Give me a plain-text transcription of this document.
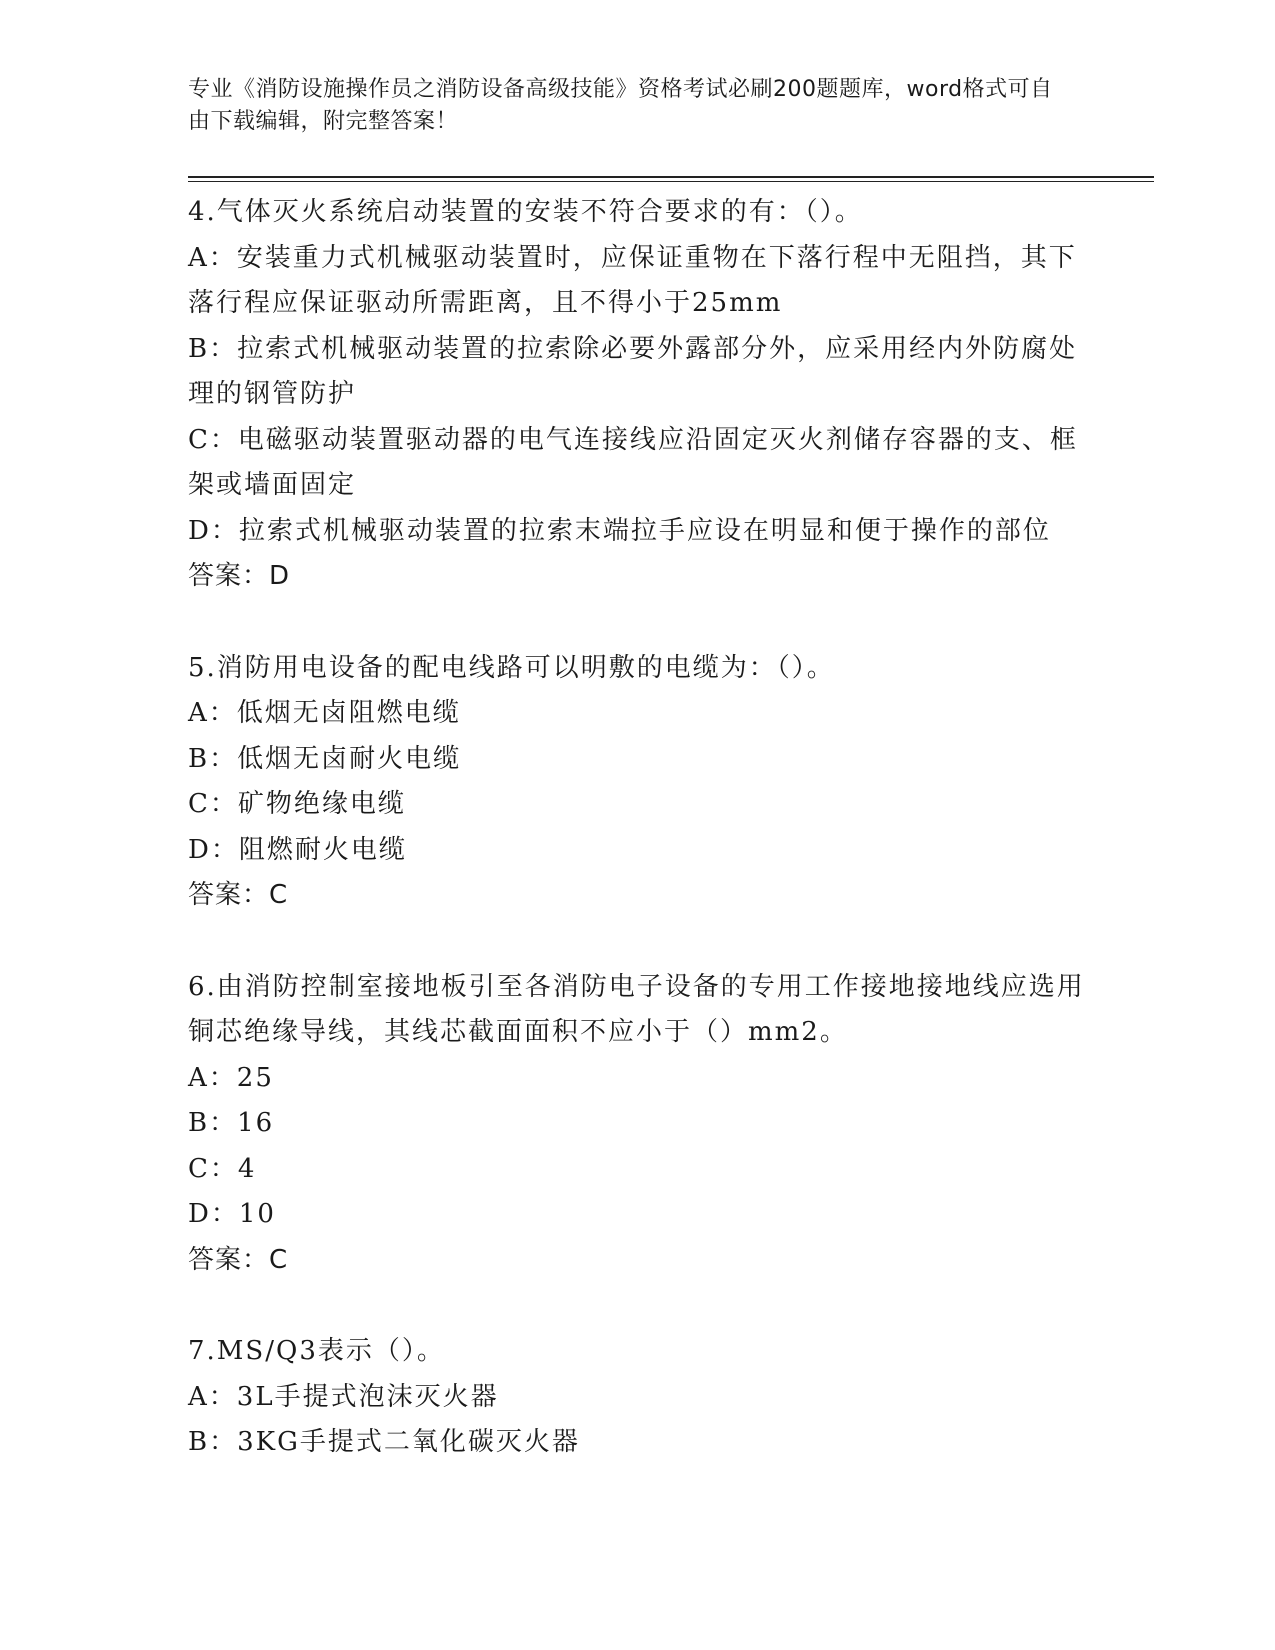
专业《消防设施操作员之消防设备高级技能》资格考试必刷200题题库，word格式可自由下载编辑，附完整答案！
4.气体灭火系统启动装置的安装不符合要求的有：（）。
A：安装重力式机械驱动装置时，应保证重物在下落行程中无阻挡，其下落行程应保证驱动所需距离，且不得小于25mm
B：拉索式机械驱动装置的拉索除必要外露部分外，应采用经内外防腐处理的钢管防护
C：电磁驱动装置驱动器的电气连接线应沿固定灭火剂储存容器的支、框架或墙面固定
D：拉索式机械驱动装置的拉索末端拉手应设在明显和便于操作的部位
答案：D
5.消防用电设备的配电线路可以明敷的电缆为：（）。
A：低烟无卤阻燃电缆
B：低烟无卤耐火电缆
C：矿物绝缘电缆
D：阻燃耐火电缆
答案：C
6.由消防控制室接地板引至各消防电子设备的专用工作接地接地线应选用铜芯绝缘导线，其线芯截面面积不应小于（）mm2。
A：25
B：16
C：4
D：10
答案：C
7.MS/Q3表示（）。
A：3L手提式泡沫灭火器
B：3KG手提式二氧化碳灭火器
